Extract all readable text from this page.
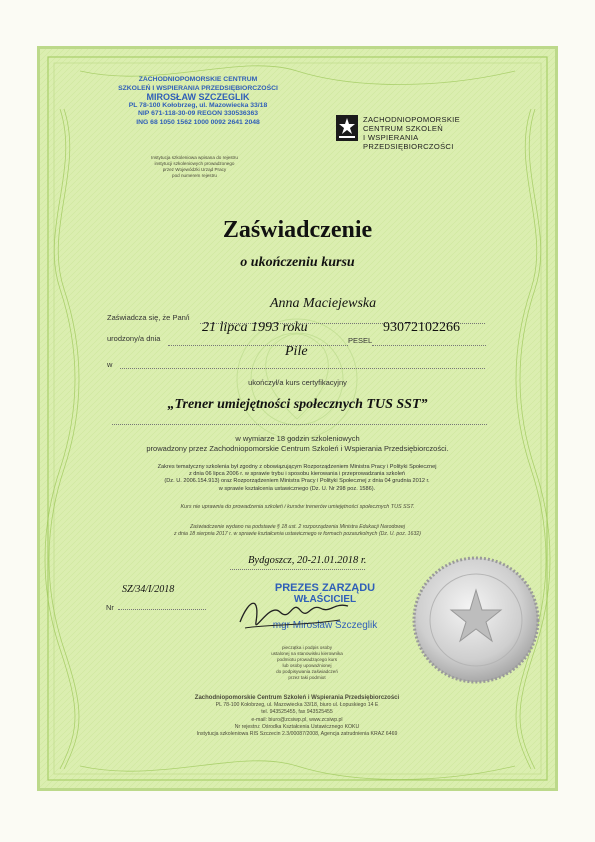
ZACHODNIOPOMORSKIE CENTRUM
SZKOLEŃ I WSPIERANIA PRZEDSIĘBIORCZOŚCI
MIROSŁAW SZCZEGLIK
PL 78-100 Kołobrzeg, ul. Mazowiecka 33/18
NIP 671-118-30-09 REGON 330536363
ING 68 1050 1562 1000 0092 2641 2048
Instytucja szkoleniowa wpisana do rejestru
instytucji szkoleniowych prowadzonego
przez Wojewódzki Urząd Pracy
pod numerem rejestru
ZACHODNIOPOMORSKIE
CENTRUM SZKOLEŃ
I WSPIERANIA
PRZEDSIĘBIORCZOŚCI
Zaświadczenie
o ukończeniu kursu
Zaświadcza się, że Pan/i
Anna Maciejewska
urodzony/a dnia
21 lipca 1993 roku
PESEL
93072102266
w
Pile
ukończył/a kurs certyfikacyjny
„Trener umiejętności społecznych TUS SST”
w wymiarze 18 godzin szkoleniowych
prowadzony przez Zachodniopomorskie Centrum Szkoleń i Wspierania Przedsiębiorczości.
Zakres tematyczny szkolenia był zgodny z obowiązującym Rozporządzeniem Ministra Pracy i Polityki Społecznej
z dnia 06 lipca 2006 r. w sprawie trybu i sposobu kierowania i przeprowadzania szkoleń
(Dz. U. 2006.154.913) oraz Rozporządzeniem Ministra Pracy i Polityki Społecznej z dnia 04 grudnia 2012 r.
w sprawie kształcenia ustawicznego (Dz. U. Nr 298 poz. 1586).
Kurs nie uprawnia do prowadzenia szkoleń i kursów trenerów umiejętności społecznych TUS SST.
Zaświadczenie wydano na podstawie § 18 ust. 2 rozporządzenia Ministra Edukacji Narodowej
z dnia 18 sierpnia 2017 r. w sprawie kształcenia ustawicznego w formach pozaszkolnych (Dz. U. poz. 1632)
Bydgoszcz, 20-21.01.2018 r.
SZ/34/I/2018
Nr
PREZES ZARZĄDU
WŁAŚCICIEL
mgr Mirosław Szczeglik
pieczątka i podpis osoby
ustalonej na stanowisku kierownika
podmiotu prowadzącego kurs
lub osoby upoważnionej
do podpisywania zaświadczeń
przez taki podmiot
Zachodniopomorskie Centrum Szkoleń i Wspierania Przedsiębiorczości
PL 78-100 Kołobrzeg, ul. Mazowiecka 33/18, biuro ul. Łopuskiego 14 E
tel. 943525455, fax 943525455
e-mail: biuro@zcsiwp.pl, www.zcsiwp.pl
Nr rejestru: Ośrodka Kształcenia Ustawicznego KOKU
Instytucja szkoleniowa RIS Szczecin 2.3/00087/2008, Agencja zatrudnienia KRAZ 6469
